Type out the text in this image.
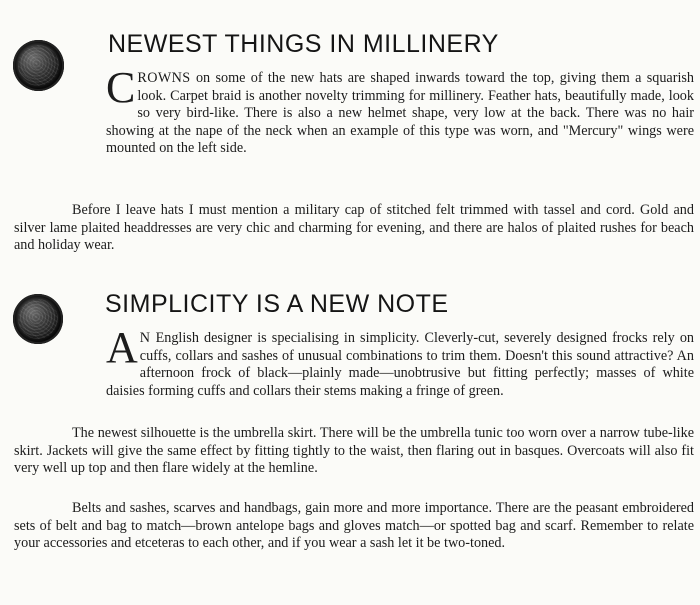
NEWEST THINGS IN MILLINERY

CROWNS on some of the new hats are shaped inwards toward the top, giving them a squarish look. Carpet braid is another novelty trimming for millinery. Feather hats, beautifully made, look so very bird-like. There is also a new helmet shape, very low at the back. There was no hair showing at the nape of the neck when an example of this type was worn, and "Mercury" wings were mounted on the left side.

Before I leave hats I must mention a military cap of stitched felt trimmed with tassel and cord. Gold and silver lame plaited headdresses are very chic and charming for evening, and there are halos of plaited rushes for beach and holiday wear.

SIMPLICITY IS A NEW NOTE

A N English designer is specialising in simplicity. Cleverly-cut, severely designed frocks rely on cuffs, collars and sashes of unusual combinations to trim them. Doesn't this sound attractive? An afternoon frock of black—plainly made—unobtrusive but fitting perfectly; masses of white daisies forming cuffs and collars their stems making a fringe of green.

The newest silhouette is the umbrella skirt. There will be the umbrella tunic too worn over a narrow tube-like skirt. Jackets will give the same effect by fitting tightly to the waist, then flaring out in basques. Overcoats will also fit very well up top and then flare widely at the hemline.

Belts and sashes, scarves and handbags, gain more and more importance. There are the peasant embroidered sets of belt and bag to match—brown antelope bags and gloves match—or spotted bag and scarf. Remember to relate your accessories and etceteras to each other, and if you wear a sash let it be two-toned.
